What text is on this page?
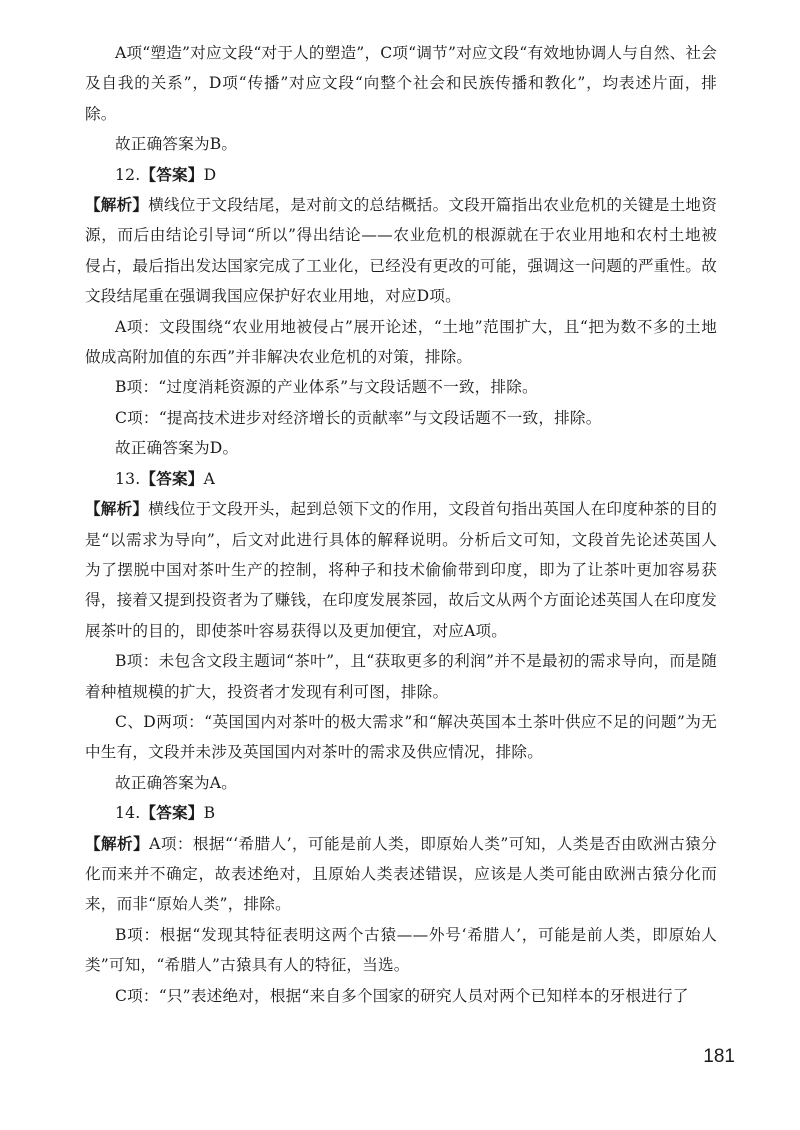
A项“塑造”对应文段“对于人的塑造”，C项“调节”对应文段“有效地协调人与自然、社会及自我的关系”，D项“传播”对应文段“向整个社会和民族传播和教化”，均表述片面，排除。

故正确答案为B。

12.【答案】D

【解析】横线位于文段结尾，是对前文的总结概括。文段开篇指出农业危机的关键是土地资源，而后由结论引导词“所以”得出结论——农业危机的根源就在于农业用地和农村土地被侵占，最后指出发达国家完成了工业化，已经没有更改的可能，强调这一问题的严重性。故文段结尾重在强调我国应保护好农业用地，对应D项。

A项：文段围绕“农业用地被侵占”展开论述，“土地”范围扩大，且“把为数不多的土地做成高附加值的东西”并非解决农业危机的对策，排除。

B项：“过度消耗资源的产业体系”与文段话题不一致，排除。

C项：“提高技术进步对经济增长的贡献率”与文段话题不一致，排除。

故正确答案为D。

13.【答案】A

【解析】横线位于文段开头，起到总领下文的作用，文段首句指出英国人在印度种茶的目的是“以需求为导向”，后文对此进行具体的解释说明。分析后文可知，文段首先论述英国人为了摆脱中国对茶叶生产的控制，将种子和技术偷偷带到印度，即为了让茶叶更加容易获得，接着又提到投资者为了赚钱，在印度发展茶园，故后文从两个方面论述英国人在印度发展茶叶的目的，即使茶叶容易获得以及更加便宜，对应A项。

B项：未包含文段主题词“茶叶”，且“获取更多的利润”并不是最初的需求导向，而是随着种植规模的扩大，投资者才发现有利可图，排除。

C、D两项：“英国国内对茶叶的极大需求”和“解决英国本土茶叶供应不足的问题”为无中生有，文段并未涉及英国国内对茶叶的需求及供应情况，排除。

故正确答案为A。

14.【答案】B

【解析】A项：根据“‘希腊人’，可能是前人类，即原始人类”可知，人类是否由欧洲古猿分化而来并不确定，故表述绝对，且原始人类表述错误，应该是人类可能由欧洲古猿分化而来，而非“原始人类”，排除。

B项：根据“发现其特征表明这两个古猿——外号‘希腊人’，可能是前人类，即原始人类”可知，“希腊人”古猿具有人的特征，当选。

C项：“只”表述绝对，根据“来自多个国家的研究人员对两个已知样本的牙根进行了

181
